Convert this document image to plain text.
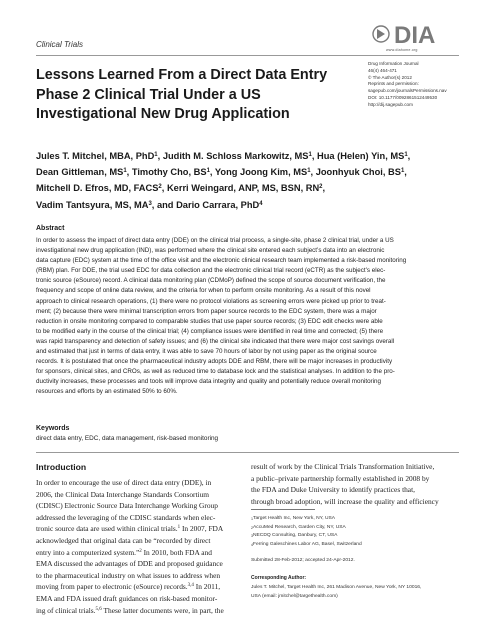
Clinical Trials	DIA
www.diahome.org
Drug Information Journal
46(4) 464-471
© The Author(s) 2012
Reprints and permission:
sagepub.com/journalsPermissions.nav
DOI: 10.1177/0092861512449530
http://dij.sagepub.com
Lessons Learned From a Direct Data Entry
Phase 2 Clinical Trial Under a US
Investigational New Drug Application
Jules T. Mitchel, MBA, PhD$^1$, Judith M. Schloss Markowitz, $MS^1$, Hua (Helen) Yin, $MS^1$,
Dean Gittleman, $MS^1$, Timothy Cho, $BS^1$, Yong Joong Kim, $MS^1$, Joonhyuk Choi, $BS^1$,
Mitchell D. Efros, MD, FACS$^2$, Kerri Weingard, ANP, MS, BSN, $RN^2$,
Vadim Tantsyura, MS, $MA^3$, and Dario Carrara, PhD$^4$
Abstract
In order to assess the impact of direct data entry (DDE) on the clinical trial process, a single-site, phase 2 clinical trial, under a US
investigational new drug application (IND), was performed where the clinical site entered each subject’s data into an electronic
data capture (EDC) system at the time of the office visit and the electronic clinical research team implemented a risk-based monitoring
(RBM) plan. For DDE, the trial used EDC for data collection and the electronic clinical trial record (eCTR) as the subject’s elec-
tronic source (eSource) record. A clinical data monitoring plan (CDMoP) defined the scope of source document verification, the
frequency and scope of online data review, and the criteria for when to perform onsite monitoring. As a result of this novel
approach to clinical research operations, (1) there were no protocol violations as screening errors were picked up prior to treat-
ment; (2) because there were minimal transcription errors from paper source records to the EDC system, there was a major
reduction in onsite monitoring compared to comparable studies that use paper source records; (3) EDC edit checks were able
to be modified early in the course of the clinical trial; (4) compliance issues were identified in real time and corrected; (5) there
was rapid transparency and detection of safety issues; and (6) the clinical site indicated that there were major cost savings overall
and estimated that just in terms of data entry, it was able to save 70 hours of labor by not using paper as the original source
records. It is postulated that once the pharmaceutical industry adopts DDE and RBM, there will be major increases in productivity
for sponsors, clinical sites, and CROs, as well as reduced time to database lock and the statistical analyses. In addition to the pro-
ductivity increases, these processes and tools will improve data integrity and quality and potentially reduce overall monitoring
resources and efforts by an estimated 50% to 60%.
Keywords
direct data entry, EDC, data management, risk-based monitoring
Introduction
In order to encourage the use of direct data entry (DDE), in
2006, the Clinical Data Interchange Standards Consortium
(CDISC) Electronic Source Data Interchange Working Group
addressed the leveraging of the CDISC standards when elec-
tronic source data are used within clinical trials.$^1$ In 2007, FDA
acknowledged that original data can be “recorded by direct
entry into a computerized system.”$^2$ In 2010, both FDA and
EMA discussed the advantages of DDE and proposed guidance
to the pharmaceutical industry on what issues to address when
moving from paper to electronic (eSource) records.$^{3,4}$ In 2011,
EMA and FDA issued draft guidances on risk-based monitor-
ing of clinical trials.$^{5,6}$ These latter documents were, in part, the
result of work by the Clinical Trials Transformation Initiative,
a public–private partnership formally established in 2008 by
the FDA and Duke University to identify practices that,
through broad adoption, will increase the quality and efficiency
$^1$Target Health Inc, New York, NY, USA
$^2$AccuMed Research, Garden City, NY, USA
$^3$NECDQ Consulting, Danbury, CT, USA
$^4$Ferring Galeschines Labor AG, Basel, Switzerland
Submitted 28-Feb-2012; accepted 24-Apr-2012.
Corresponding Author:
Jules T. Mitchel, Target Health Inc, 261 Madison Avenue, New York, NY 10016,
USA (email: jmitchel@targethealth.com)
